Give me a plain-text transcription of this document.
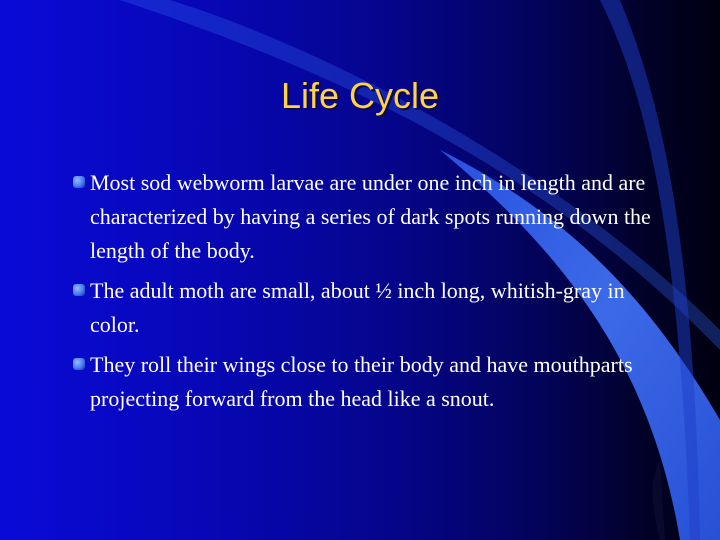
Life Cycle
Most sod webworm larvae are under one inch in length and are characterized by having a series of dark spots running down the length of the body.
The adult moth are small, about ½ inch long, whitish-gray in color.
They roll their wings close to their body and have mouthparts projecting forward from the head like a snout.
